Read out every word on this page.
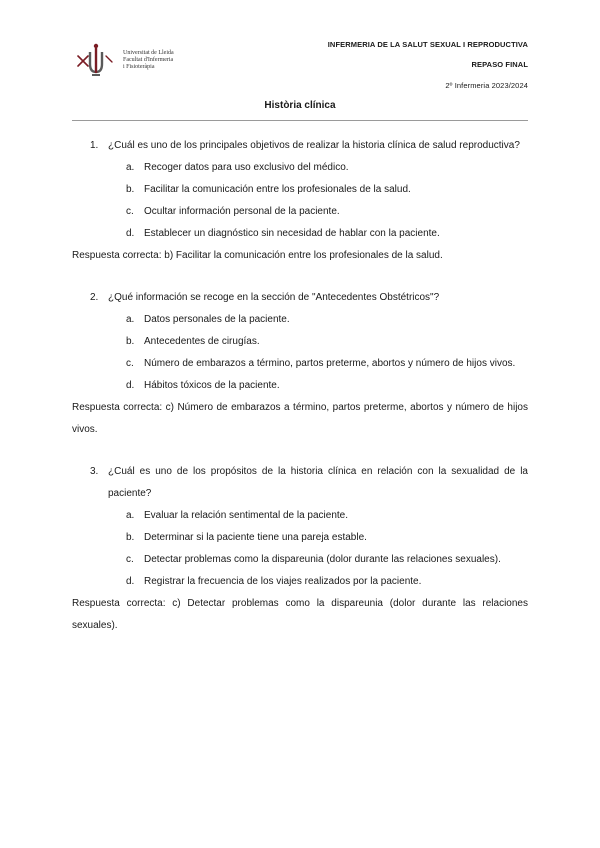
Universitat de Lleida
Facultat d'Infermeria
i Fisioteràpia
INFERMERIA DE LA SALUT SEXUAL I REPRODUCTIVA
REPASO FINAL
2º Infermeria 2023/2024
Història clínica
1. ¿Cuál es uno de los principales objetivos de realizar la historia clínica de salud reproductiva?
a. Recoger datos para uso exclusivo del médico.
b. Facilitar la comunicación entre los profesionales de la salud.
c. Ocultar información personal de la paciente.
d. Establecer un diagnóstico sin necesidad de hablar con la paciente.
Respuesta correcta: b) Facilitar la comunicación entre los profesionales de la salud.
2. ¿Qué información se recoge en la sección de "Antecedentes Obstétricos"?
a. Datos personales de la paciente.
b. Antecedentes de cirugías.
c. Número de embarazos a término, partos preterme, abortos y número de hijos vivos.
d. Hábitos tóxicos de la paciente.
Respuesta correcta: c) Número de embarazos a término, partos preterme, abortos y número de hijos vivos.
3. ¿Cuál es uno de los propósitos de la historia clínica en relación con la sexualidad de la paciente?
a. Evaluar la relación sentimental de la paciente.
b. Determinar si la paciente tiene una pareja estable.
c. Detectar problemas como la dispareunia (dolor durante las relaciones sexuales).
d. Registrar la frecuencia de los viajes realizados por la paciente.
Respuesta correcta: c) Detectar problemas como la dispareunia (dolor durante las relaciones sexuales).
